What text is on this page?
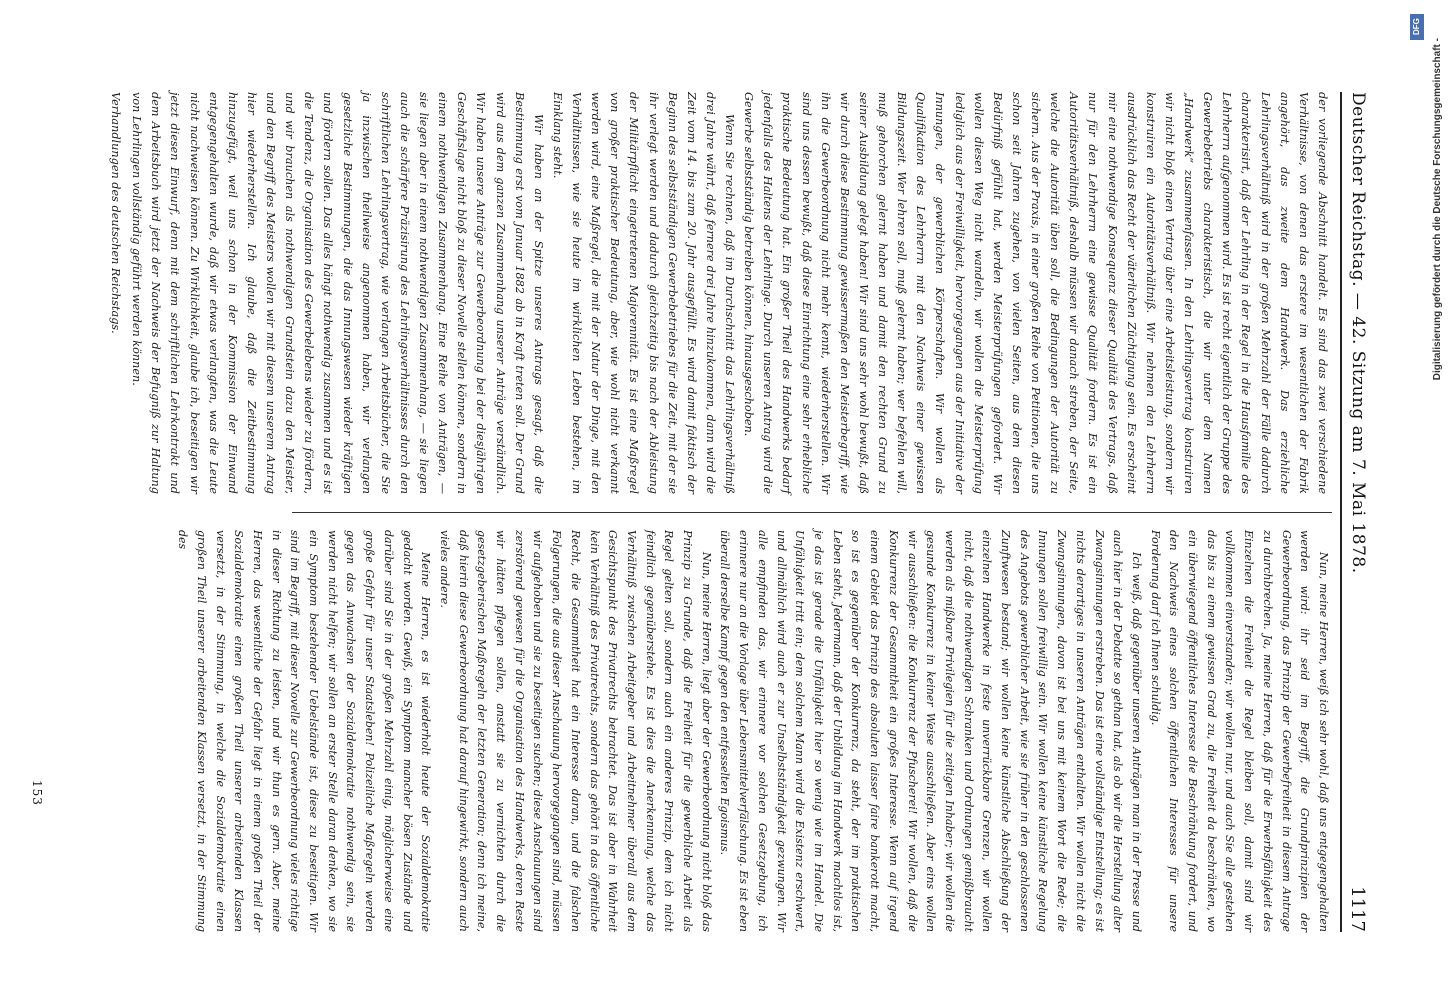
Deutscher Reichstag. — 42. Sitzung am 7. Mai 1878.
1117

der vorliegende Abschnitt handelt. Es sind das zwei verschiedene Verhältnisse, von denen das erstere im wesentlichen der Fabrik angehört, das zweite dem Handwerk. Das erziehliche Lehrlingsverhältniß wird in der großen Mehrzahl der Fälle dadurch charakterisirt, daß der Lehrling in der Regel in die Hausfamilie des Lehrherrn aufgenommen wird. Es ist recht eigentlich der Gruppe des Gewerbebetriebs charakteristisch, die wir unter dem Namen „Handwerk“ zusammenfassen. In den Lehrlingsvertrag konstruiren wir nicht bloß einen Vertrag über eine Arbeitsleistung, sondern wir konstruiren ein Autoritätsverhältniß. Wir nehmen den Lehrherrn ausdrücklich das Recht der väterlichen Züchtigung sein. Es erscheint mir eine nothwendige Konsequenz dieser Qualität des Vertrags, daß nur für den Lehrherrn eine gewisse Qualität fordern. Es ist ein Autoritätsverhältniß, deshalb müssen wir danach streben, der Seite, welche die Autorität üben soll, die Bedingungen der Autorität zu sichern. Aus der Praxis, in einer großen Reihe von Petitionen, die uns schon seit Jahren zugehen, von vielen Seiten, aus dem diesen Bedürfniß gefühlt hat, werden Meisterprüfungen gefordert. Wir wollen diesen Weg nicht wandeln, wir wollen die Meisterprüfung lediglich aus der Freiwilligkeit, hervorgegangen aus der Initiative der Innungen, der gewerblichen Körperschaften. Wir wollen als Qualifikation des Lehrherrn mit den Nachweis einer gewissen Bildungszeit. Wer lehren soll, muß gelernt haben; wer befehlen will, muß gehorchen gelernt haben und damit den rechten Grund zu seiner Ausbildung gelegt haben! Wir sind uns sehr wohl bewußt, daß wir durch diese Bestimmung gewissermaßen den Meisterbegriff, wie ihn die Gewerbeordnung nicht mehr kennt, wiederherstellen. Wir sind uns dessen bewußt, daß diese Einrichtung eine sehr erhebliche praktische Bedeutung hat. Ein großer Theil des Handwerks bedarf jedenfalls des Haltens der Lehrlinge. Durch unseren Antrag wird die Gewerbe selbstständig betreiben können, hinausgeschoben.

Wenn Sie rechnen, daß im Durchschnitt das Lehrlingsverhältniß drei Jahre währt, daß fernere drei Jahre hinzukommen, dann wird die Zeit vom 14. bis zum 20. Jahr ausgefüllt. Es wird damit faktisch der Beginn des selbstständigen Gewerbebetriebes für die Zeit, mit der sie ihr verlegt werden und dadurch gleichzeitig bis nach der Ableistung der Militärpflicht eingetretenen Majorennität. Es ist eine Maßregel von großer praktischer Bedeutung, aber, wie wohl nicht verkannt werden wird, eine Maßregel, die mit der Natur der Dinge, mit den Verhältnissen, wie sie heute im wirklichen Leben bestehen, im Einklang steht.

Wir haben an der Spitze unseres Antrags gesagt, daß die Bestimmung erst vom Januar 1882 ab in Kraft treten soll. Der Grund wird aus dem ganzen Zusammenhang unserer Anträge verständlich. Wir haben unsere Anträge zur Gewerbeordnung bei der diesjährigen Geschäftslage nicht bloß zu dieser Novelle stellen können, sondern in einem nothwendigen Zusammenhang. Eine Reihe von Anträgen, — sie liegen aber in einem nothwendigen Zusammenhang, — sie liegen auch die schärfere Präzisirung des Lehrlingsverhältnisses durch den schriftlichen Lehrlingsvertrag, wie verlangen Arbeitsbücher, die Sie ja inzwischen theilweise angenommen haben, wir verlangen gesetzliche Bestimmungen, die das Innungswesen wieder kräftigen und fördern sollen. Das alles hängt nothwendig zusammen und es ist die Tendenz, die Organisation des Gewerbelebens wieder zu fördern, und wir brauchen als nothwendigen Grundstein dazu den Meister, und den Begriff des Meisters wollen wir mit diesem unserem Antrag hier wiederherstellen. Ich glaube, daß die Zeitbestimmung hinzugefügt, weil uns schon in der Kommission der Einwand entgegengehalten wurde, daß wir etwas verlangten, was die Leute nicht nachweisen können. Zu Wirklichkeit, glaube ich, beseitigen wir jetzt diesen Einwurf, denn mit dem schriftlichen Lehrkontrakt und dem Arbeitsbuch wird jetzt der Nachweis der Befugniß zur Haltung von Lehrlingen vollständig geführt werden können.

Verhandlungen des deutschen Reichstags.

Nun, meine Herren, weiß ich sehr wohl, daß uns entgegengehalten werden wird: ihr seid im Begriff, die Grundprinzipien der Gewerbeordnung, das Prinzip der Gewerbefreiheit in diesem Antrage zu durchbrechen. Ja, meine Herren, daß für die Erwerbsfähigkeit des Einzelnen die Freiheit die Regel bleiben soll, damit sind wir vollkommen einverstanden; wir wollen nur, und auch Sie alle gestehen das bis zu einem gewissen Grad zu, die Freiheit da beschränken, wo ein überwiegend öffentliches Interesse die Beschränkung fordert, und den Nachweis eines solchen öffentlichen Interesses für unsere Forderung darf ich Ihnen schuldig.

Ich weiß, daß gegenüber unseren Anträgen man in der Presse und auch hier in der Debatte so gethan hat, als ob wir die Herstellung alter Zwangsinnungen erstreben. Das ist eine vollständige Entstellung; es ist nichts derartiges in unseren Anträgen enthalten. Wir wollen nicht die Zwangsinnungen, davon ist bei uns mit keinem Wort die Rede; die Innungen sollen freiwillig sein. Wir wollen keine künstliche Regelung des Angebots gewerblicher Arbeit, wie sie früher in den geschlossenen Zunftwesen bestand; wir wollen keine künstliche Abschließung der einzelnen Handwerke in feste unverrückbare Grenzen, wir wollen nicht, daß die nothwendigen Schranken und Ordnungen gemißbraucht werden als mißbare Privilegien für die zeitigen Inhaber; wir wollen die gesunde Konkurrenz in keiner Weise ausschließen. Aber eins wollen wir ausschließen: die Konkurrenz der Pfuscherei! Wir wollen, daß die Konkurrenz der Gesammtheit ein großes Interesse. Wenn auf irgend einem Gebiet das Prinzip des absoluten laisser faire bankerott macht, so ist es gegenüber der Konkurrenz, da steht, der im praktischen Leben steht, Jedermann, daß der Unbildung im Handwerk machtlos ist, je das ist gerade die Unfähigkeit hier so wenig wie im Handel. Die Unfähigkeit tritt ein; dem solchem Mann wird die Existenz erschwert, und allmählich wird auch er zur Unselbstständigkeit gezwungen. Wir alle empfinden das, wir erinnere vor solchen Gesetzgebung, ich erinnere nur an die Vorlage über Lebensmittelverfälschung. Es ist eben überall derselbe Kampf gegen den entfesselten Egoismus.

Nun, meine Herren, liegt aber der Gewerbeordnung nicht bloß das Prinzip zu Grunde, daß die Freiheit für die gewerbliche Arbeit als Regel gelten soll, sondern auch ein anderes Prinzip, dem ich nicht feindlich gegenüberstehe. Es ist dies die Anerkennung, welche das Verhältniß zwischen Arbeitgeber und Arbeitnehmer überall aus dem Gesichtspunkt des Privatrechts betrachtet. Das ist aber in Wahrheit kein Verhältniß des Privatrechts, sondern das gehört in das öffentliche Recht, die Gesammtheit hat ein Interesse daran, und die falschen Folgerungen, die aus dieser Anschauung hervorgegangen sind, müssen wir aufgehoben und sie zu beseitigen suchen; diese Anschauungen sind zerstörend gewesen für die Organisation des Handwerks, deren Reste wir hätten pflegen sollen, anstatt sie zu vernichten durch die gesetzgeberischen Maßregeln der letzten Generation; denn ich meine, daß hierin diese Gewerbeordnung hat darauf hingewirkt, sondern auch vieles andere.

Meine Herren, es ist wiederholt heute der Sozialdemokratie gedacht worden. Gewiß, ein Symptom mancher bösen Zustände und darüber sind Sie in der großen Mehrzahl einig, möglicherweise eine große Gefahr für unser Staatsleben! Polizeiliche Maßregeln werden gegen das Anwachsen der Sozialdemokratie nothwendig sein, sie werden nicht helfen; wir sollen an erster Stelle daran denken, wo sie ein Symptom bestehender Uebelstände ist, diese zu beseitigen. Wir sind im Begriff, mit dieser Novelle zur Gewerbeordnung vieles richtige in dieser Richtung zu leisten, und wir thun es gern. Aber, meine Herren, das wesentliche der Gefahr liegt in einem großen Theil der Sozialdemokratie einen großen Theil unserer arbeitenden Klassen versetzt, in der Stimmung, in welche die Sozialdemokratie einen großen Theil unserer arbeitenden Klassen versetzt, in der Stimmung des

153
Digitalisierung gefördert durch die Deutsche Forschungsgemeinschaft -
DFG
